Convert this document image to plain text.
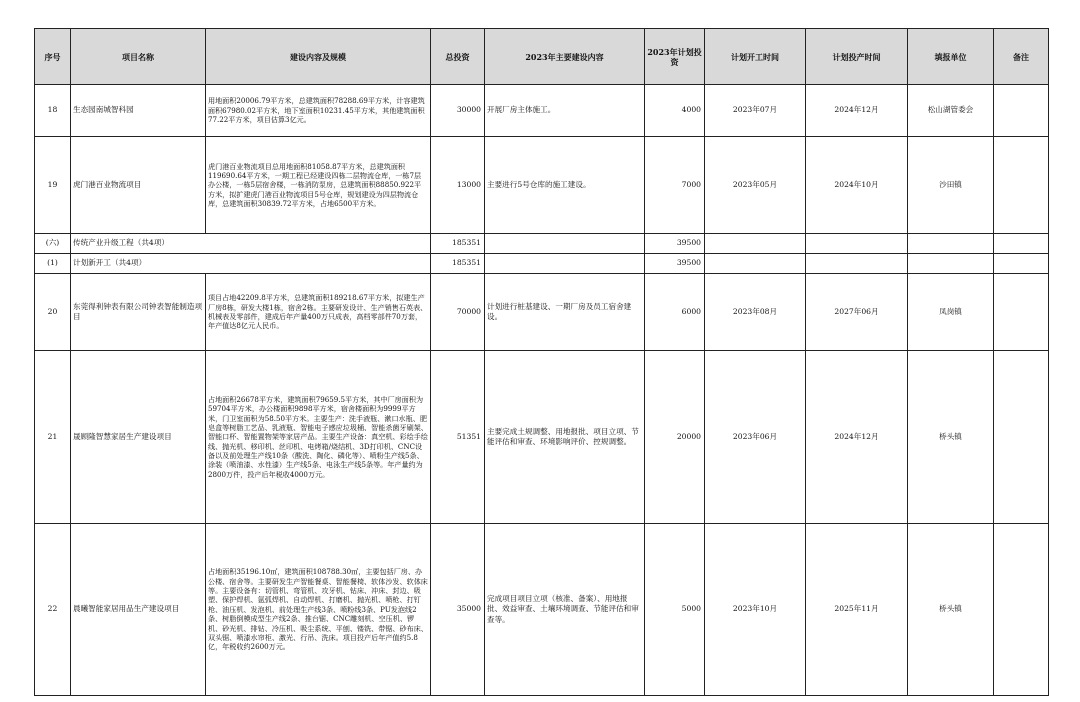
序号	项目名称	建设内容及规模	总投资	2023年主要建设内容	2023年计划投资	计划开工时间	计划投产时间	填报单位	备注
18	生态园南城智科园	用地面积20006.79平方米，总建筑面积78288.69平方米，计容建筑面积67980.02平方米，地下室面积10231.45平方米，其他建筑面积77.22平方米，项目估算3亿元。	30000	开展厂房主体施工。	4000	2023年07月	2024年12月	松山湖管委会	
19	虎门港百业物流项目	虎门港百业物流项目总用地面积81058.87平方米，总建筑面积119690.64平方米，一期工程已经建设四栋二层物流仓库，一栋7层办公楼，一栋5层宿舍楼，一栋消防泵房，总建筑面积88850.922平方米，拟扩建虎门港百业物流项目5号仓库，规划建设为四层物流仓库，总建筑面积30839.72平方米，占地6500平方米。	13000	主要进行5号仓库的施工建设。	7000	2023年05月	2024年10月	沙田镇	
(六)	传统产业升级工程（共4项）		185351		39500				
(1)	计划新开工（共4项）		185351		39500				
20	东莞得利钟表有限公司钟表智能制造项目	项目占地42209.8平方米，总建筑面积189218.67平方米，拟建生产厂房8栋，研发大楼1栋，宿舍2栋。主要研发设计、生产销售石英表、机械表及零部件，建成后年产量400万只成表，高档零部件70万套，年产值达8亿元人民币。	70000	计划进行桩基建设、一期厂房及员工宿舍建设。	6000	2023年08月	2027年06月	凤岗镇	
21	晟顾隆智慧家居生产建设项目	占地面积26678平方米，建筑面积79659.5平方米，其中厂房面积为59704平方米，办公楼面积9898平方米，宿舍楼面积为9999平方米，门卫室面积为58.50平方米。主要生产：洗手液瓶、漱口水瓶、肥皂盒等树脂工艺品、乳液瓶、智能电子感应垃圾桶、智能杀菌牙刷架、智能口杯、智能置物架等家居产品。主要生产设备：真空机、彩绘手绘线、抛光机、移印机、丝印机、电烤箱/烧结机、3D打印机、CNC设备以及前处理生产线10条（酸洗、陶化、磷化等）、喷粉生产线5条、涂装（喷油漆、水性漆）生产线5条、电泳生产线5条等。年产量约为2800万件，投产后年税收4000万元。	51351	主要完成土规调整、用地报批、项目立项、节能评估和审查、环境影响评价、控规调整。	20000	2023年06月	2024年12月	桥头镇	
22	晨曦智能家居用品生产建设项目	占地面积35196.10㎡，建筑面积108788.30㎡，主要包括厂房、办公楼、宿舍等。主要研发生产智能餐桌、智能餐椅、软体沙发、软体床等。主要设备有：切管机、弯管机、攻牙机、钻床、冲床、封边、吸塑、保护焊机、氩弧焊机、自动焊机、打磨机、抛光机、喷枪、打钉枪、油压机、发泡机、前处理生产线3条、喷粉线3条、PU发泡线2条、树脂倒模成型生产线2条、推台锯、CNC雕刻机、空压机、锣机、砂光机、排钻、冷压机、吸尘系统、平刨、镂铣、带锯、砂布床、双头锯、喷漆水帘柜、激光、行吊、洗床。项目投产后年产值约5.8亿，年税收约2600万元。	35000	完成项目项目立项（核准、备案）、用地报批、效益审查、土壤环境调查、节能评估和审查等。	5000	2023年10月	2025年11月	桥头镇	
